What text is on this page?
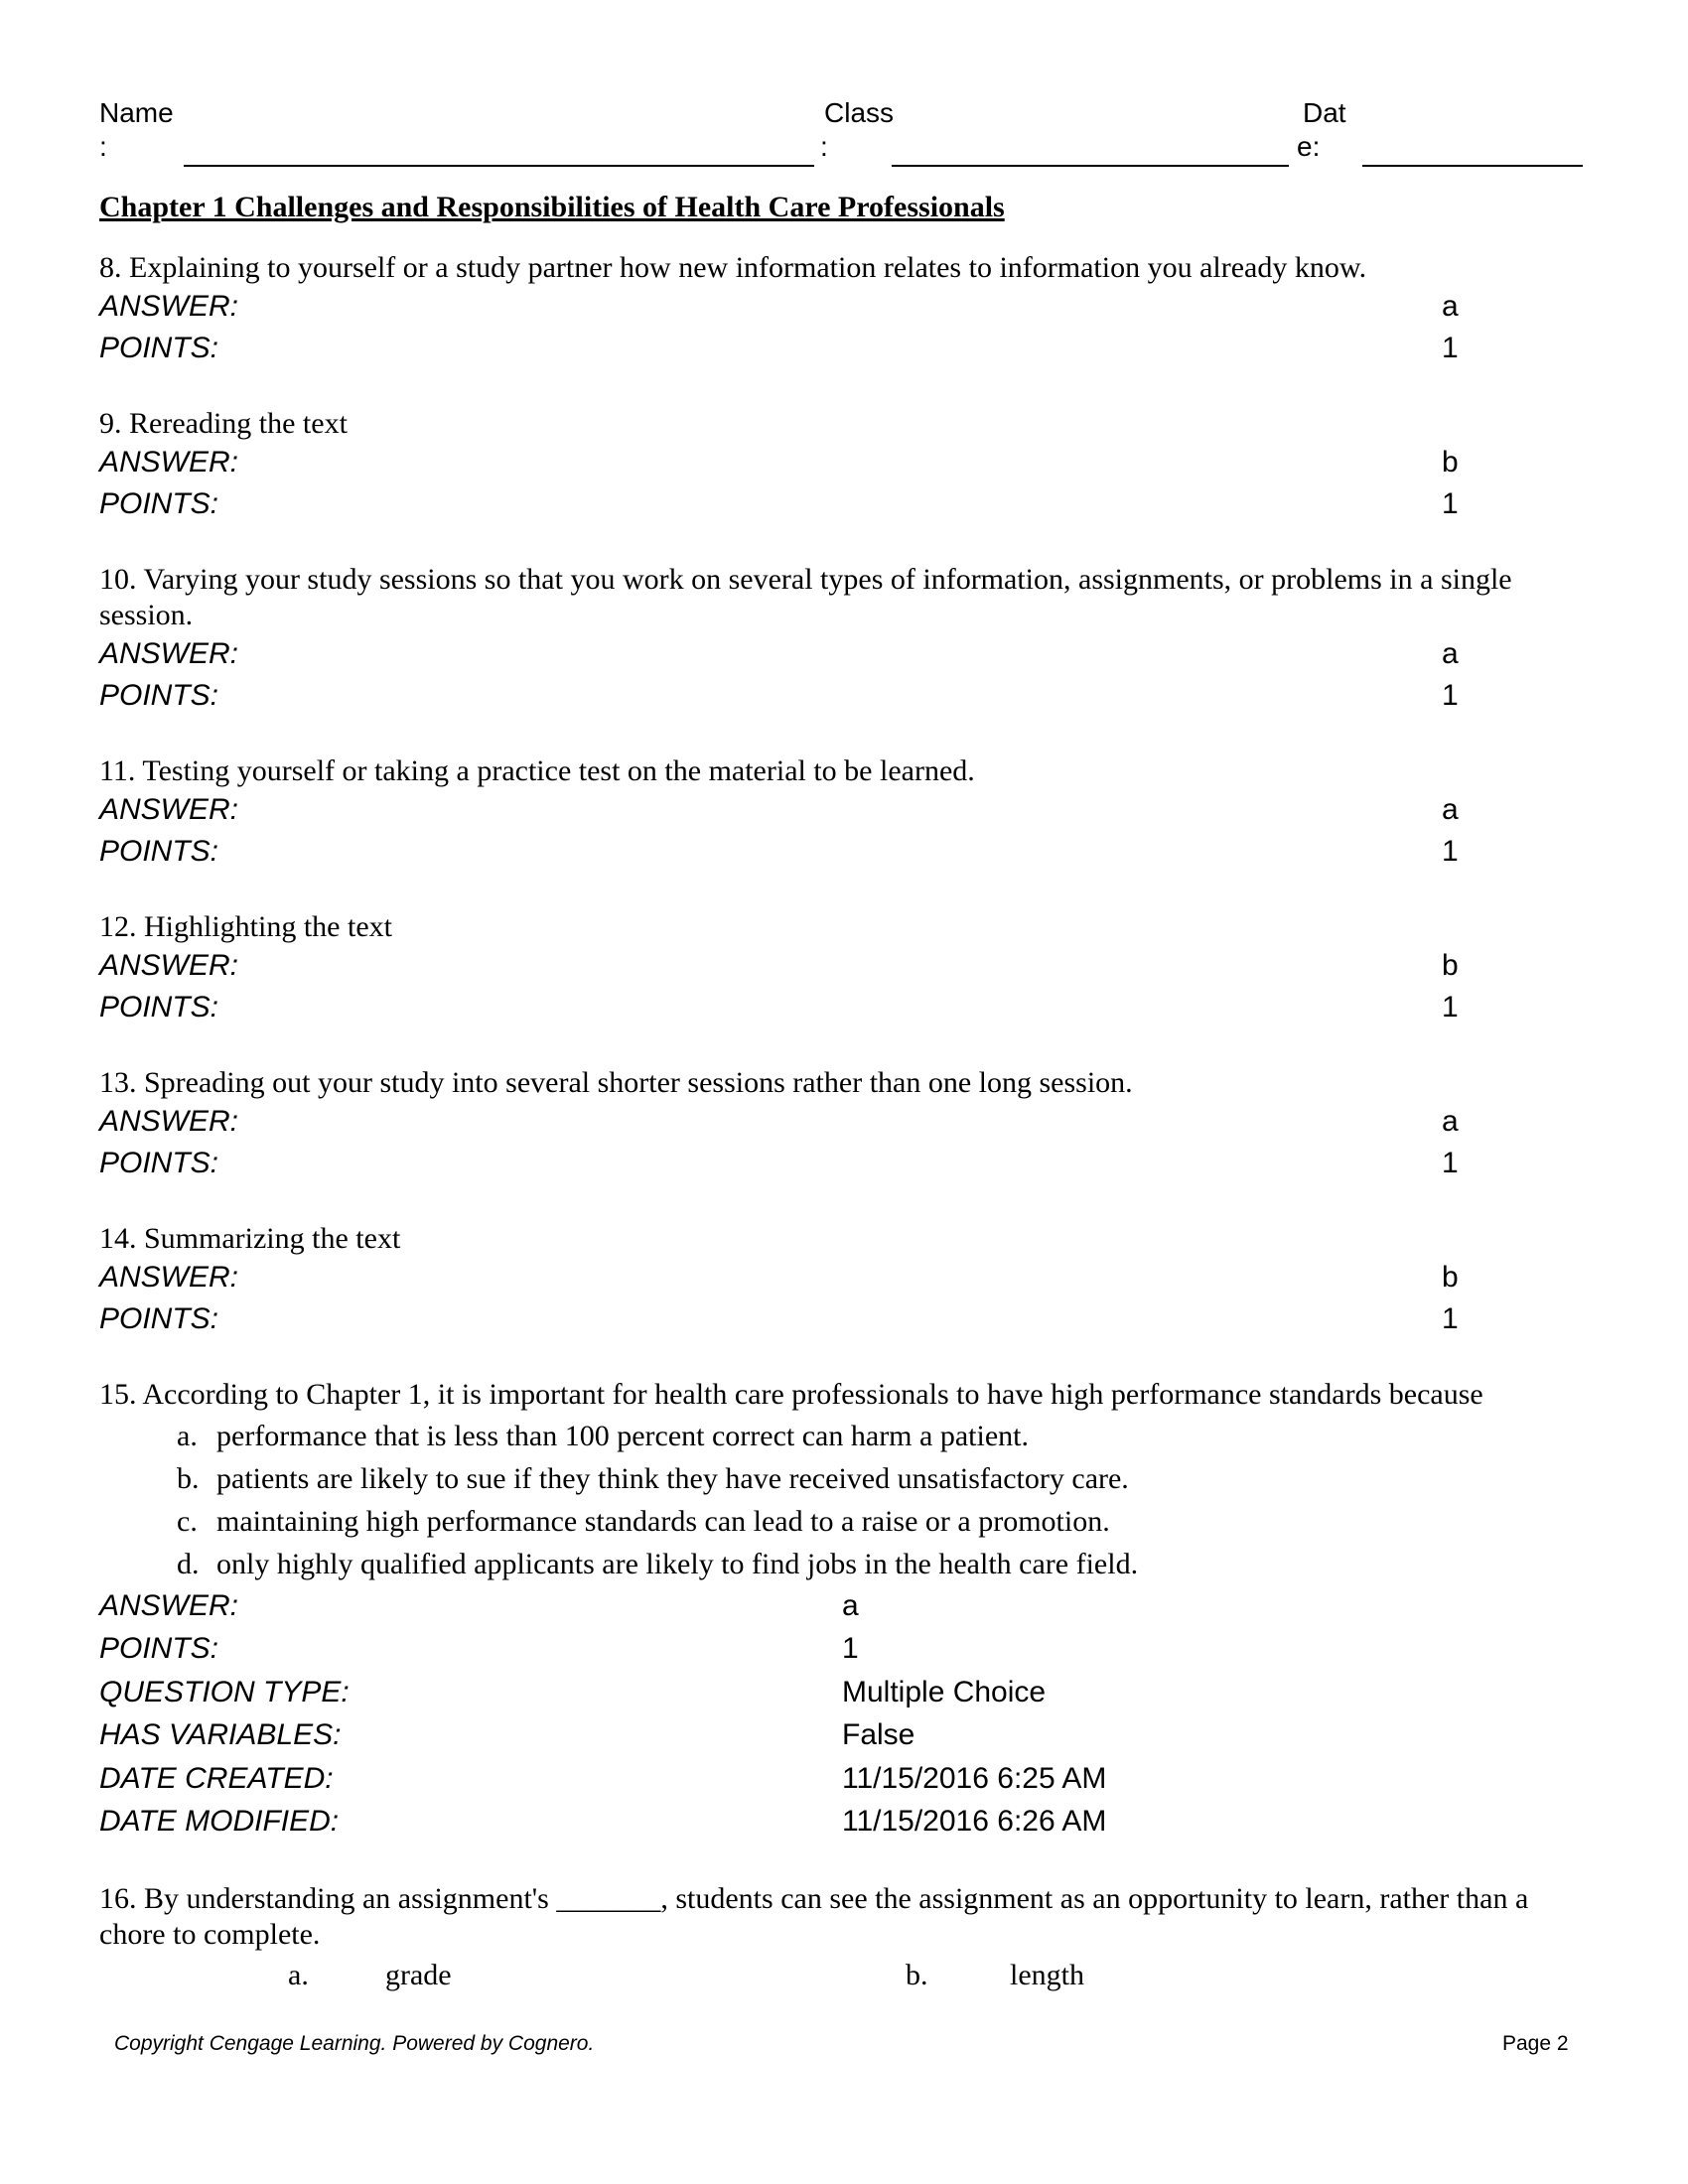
Name
:
Class
:
Dat
e:
Chapter 1 Challenges and Responsibilities of Health Care Professionals
8. Explaining to yourself or a study partner how new information relates to information you already know.
ANSWER:	a
POINTS:	1
9. Rereading the text
ANSWER:	b
POINTS:	1
10. Varying your study sessions so that you work on several types of information, assignments, or problems in a single session.
ANSWER:	a
POINTS:	1
11. Testing yourself or taking a practice test on the material to be learned.
ANSWER:	a
POINTS:	1
12. Highlighting the text
ANSWER:	b
POINTS:	1
13. Spreading out your study into several shorter sessions rather than one long session.
ANSWER:	a
POINTS:	1
14. Summarizing the text
ANSWER:	b
POINTS:	1
15. According to Chapter 1, it is important for health care professionals to have high performance standards because
a. performance that is less than 100 percent correct can harm a patient.
b. patients are likely to sue if they think they have received unsatisfactory care.
c. maintaining high performance standards can lead to a raise or a promotion.
d. only highly qualified applicants are likely to find jobs in the health care field.
ANSWER:	a
POINTS:	1
QUESTION TYPE:	Multiple Choice
HAS VARIABLES:	False
DATE CREATED:	11/15/2016 6:25 AM
DATE MODIFIED:	11/15/2016 6:26 AM
16. By understanding an assignment's _______, students can see the assignment as an opportunity to learn, rather than a chore to complete.
a.	grade	b.	length
Copyright Cengage Learning. Powered by Cognero.	Page 2
